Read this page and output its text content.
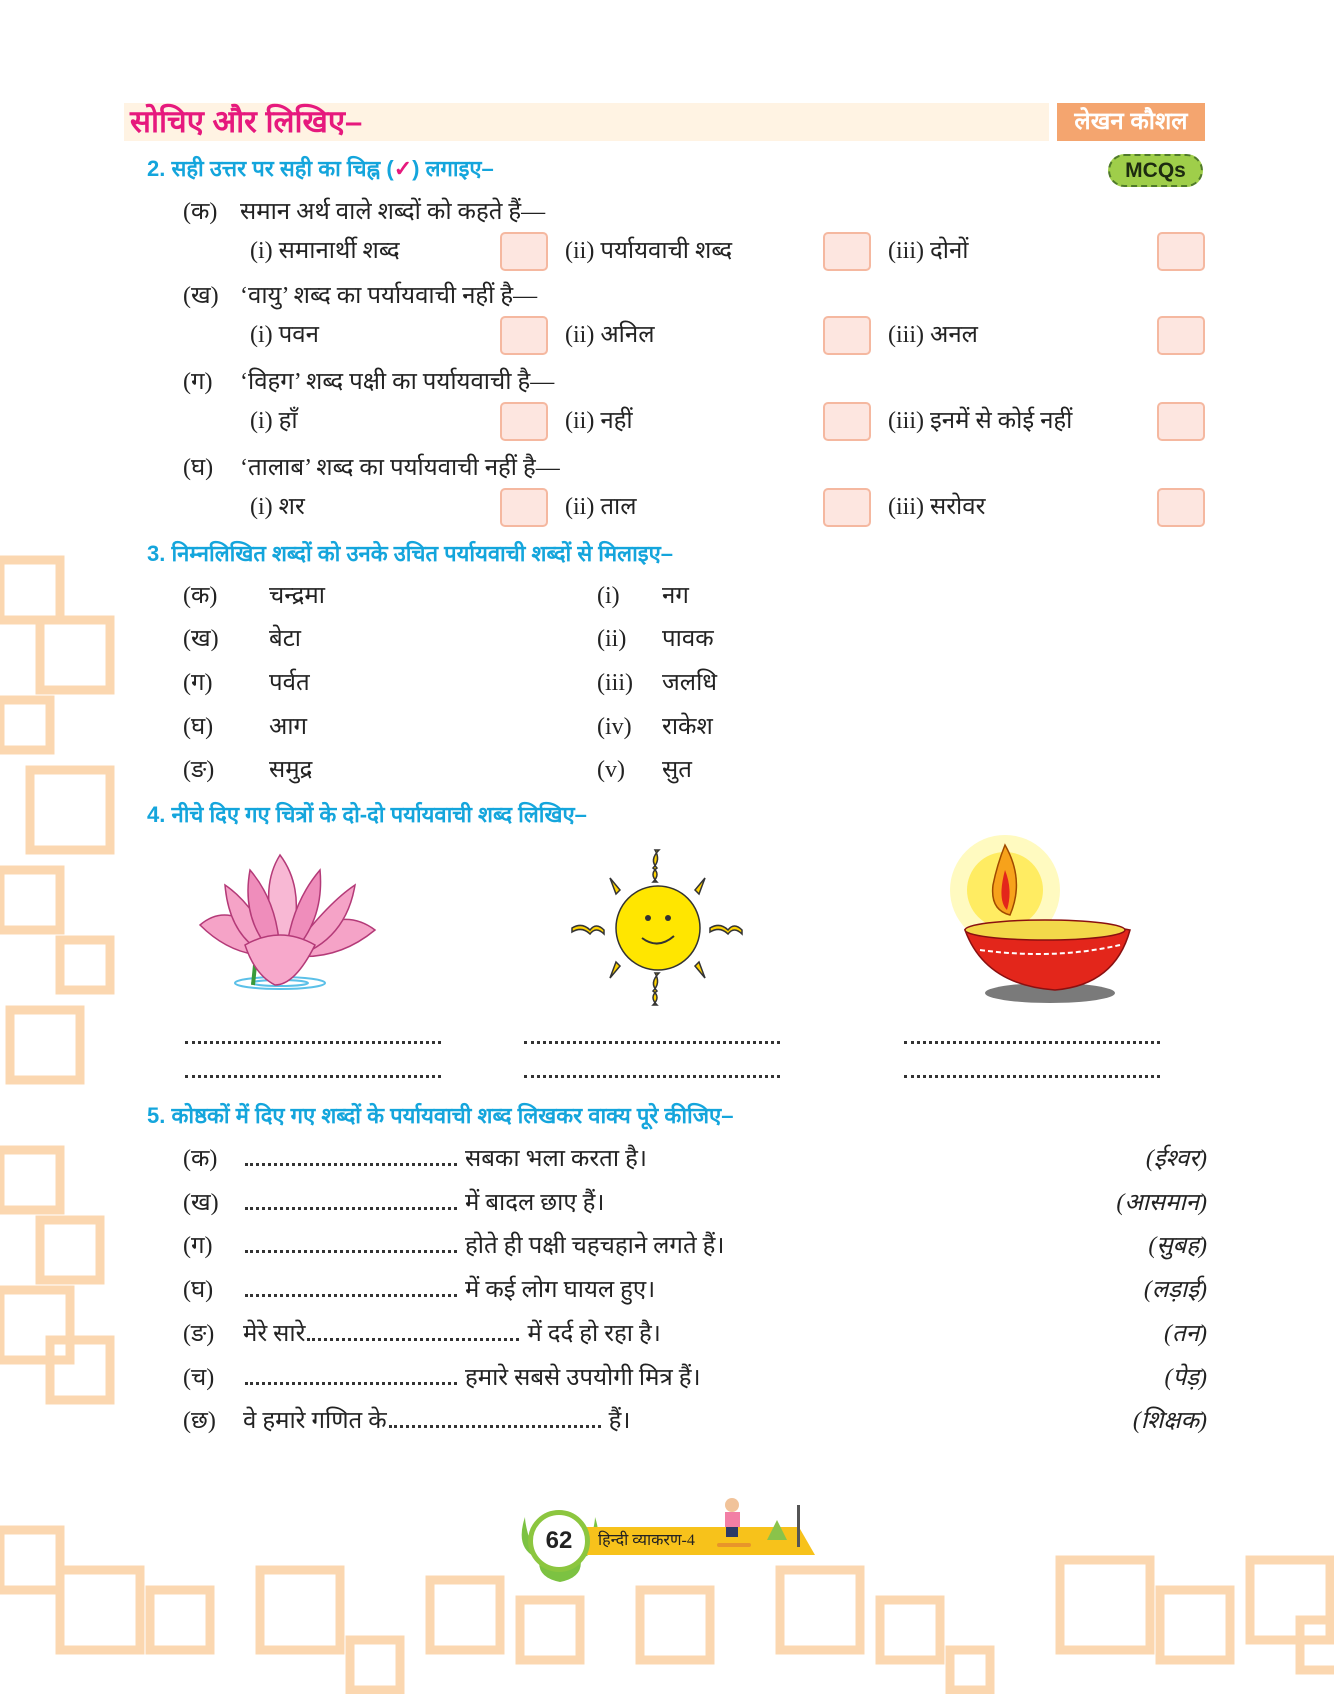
सोचिए और लिखिए–	लेखन कौशल
2. सही उत्तर पर सही का चिह्न (✓) लगाइए–	MCQs
(क) समान अर्थ वाले शब्दों को कहते हैं—
(i) समानार्थी शब्द	(ii) पर्यायवाची शब्द	(iii) दोनों
(ख) ‘वायु’ शब्द का पर्यायवाची नहीं है—
(i) पवन	(ii) अनिल	(iii) अनल
(ग) ‘विहग’ शब्द पक्षी का पर्यायवाची है—
(i) हाँ	(ii) नहीं	(iii) इनमें से कोई नहीं
(घ) ‘तालाब’ शब्द का पर्यायवाची नहीं है—
(i) शर	(ii) ताल	(iii) सरोवर
3. निम्नलिखित शब्दों को उनके उचित पर्यायवाची शब्दों से मिलाइए–
(क) चन्द्रमा	(i) नग
(ख) बेटा	(ii) पावक
(ग) पर्वत	(iii) जलधि
(घ) आग	(iv) राकेश
(ङ) समुद्र	(v) सुत
4. नीचे दिए गए चित्रों के दो-दो पर्यायवाची शब्द लिखिए–
5. कोष्ठकों में दिए गए शब्दों के पर्यायवाची शब्द लिखकर वाक्य पूरे कीजिए–
(क)	सबका भला करता है।	(ईश्वर)
(ख)	में बादल छाए हैं।	(आसमान)
(ग)	होते ही पक्षी चहचहाने लगते हैं।	(सुबह)
(घ)	में कई लोग घायल हुए।	(लड़ाई)
(ङ) मेरे सारे	में दर्द हो रहा है।	(तन)
(च)	हमारे सबसे उपयोगी मित्र हैं।	(पेड़)
(छ) वे हमारे गणित के	हैं।	(शिक्षक)
62	हिन्दी व्याकरण-4
